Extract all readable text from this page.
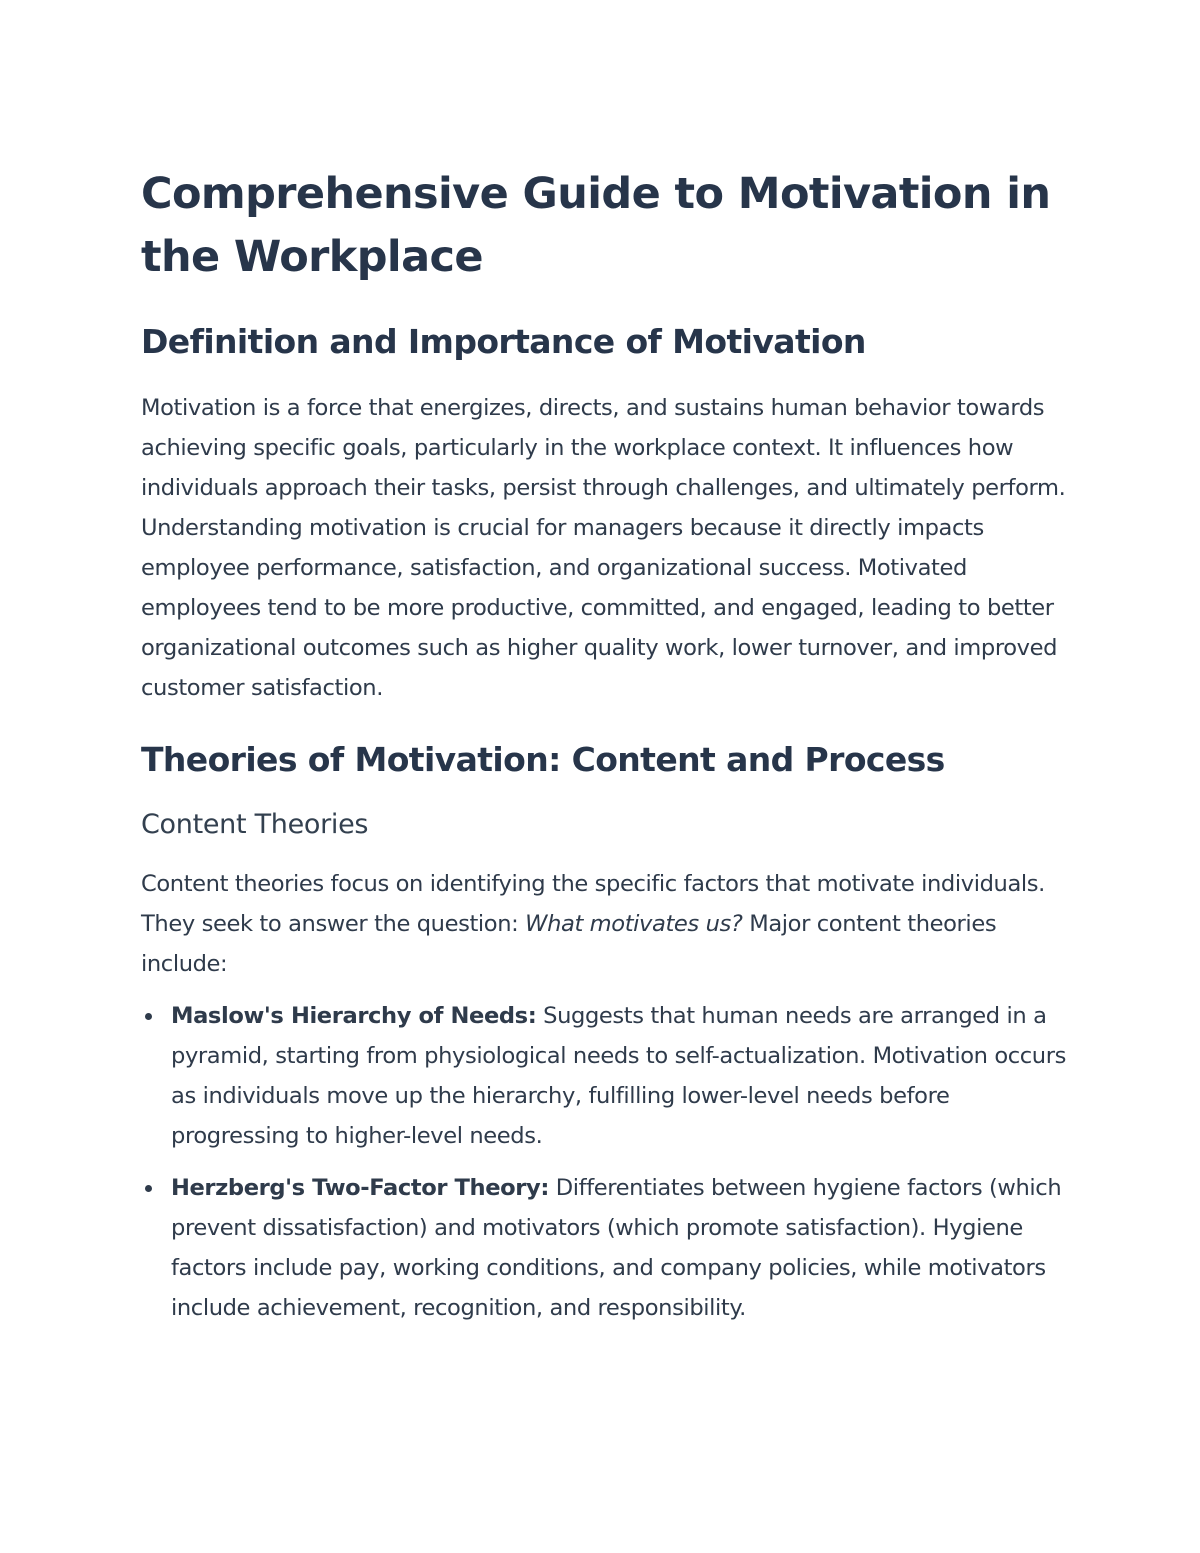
Comprehensive Guide to Motivation in the Workplace
Definition and Importance of Motivation

Motivation is a force that energizes, directs, and sustains human behavior towards achieving specific goals, particularly in the workplace context. It influences how individuals approach their tasks, persist through challenges, and ultimately perform. Understanding motivation is crucial for managers because it directly impacts employee performance, satisfaction, and organizational success. Motivated employees tend to be more productive, committed, and engaged, leading to better organizational outcomes such as higher quality work, lower turnover, and improved customer satisfaction.

Theories of Motivation: Content and Process
Content Theories

Content theories focus on identifying the specific factors that motivate individuals. They seek to answer the question: What motivates us? Major content theories include:

Maslow's Hierarchy of Needs: Suggests that human needs are arranged in a pyramid, starting from physiological needs to self-actualization. Motivation occurs as individuals move up the hierarchy, fulfilling lower-level needs before progressing to higher-level needs.
Herzberg's Two-Factor Theory: Differentiates between hygiene factors (which prevent dissatisfaction) and motivators (which promote satisfaction). Hygiene factors include pay, working conditions, and company policies, while motivators include achievement, recognition, and responsibility.
